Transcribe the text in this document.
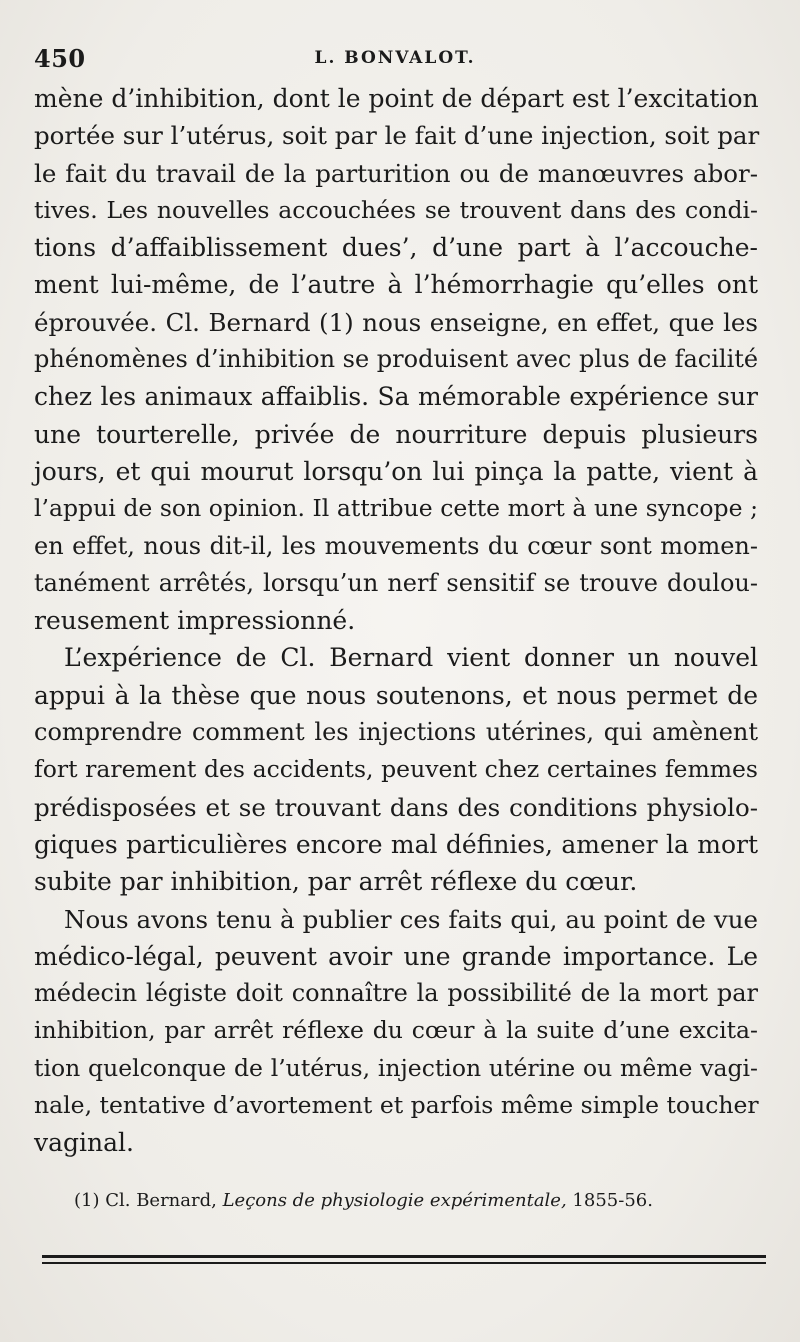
450	L. BONVALOT.
mène d’inhibition, dont le point de départ est l’excitation
portée sur l’utérus, soit par le fait d’une injection, soit par
le fait du travail de la parturition ou de manœuvres abor-
tives. Les nouvelles accouchées se trouvent dans des condi-
tions d’affaiblissement dues’, d’une part à l’accouche-
ment lui-même, de l’autre à l’hémorrhagie qu’elles ont
éprouvée. Cl. Bernard (1) nous enseigne, en effet, que les
phénomènes d’inhibition se produisent avec plus de facilité
chez les animaux affaiblis. Sa mémorable expérience sur
une tourterelle, privée de nourriture depuis plusieurs
jours, et qui mourut lorsqu’on lui pinça la patte, vient à
l’appui de son opinion. Il attribue cette mort à une syncope ;
en effet, nous dit-il, les mouvements du cœur sont momen-
tanément arrêtés, lorsqu’un nerf sensitif se trouve doulou-
reusement impressionné.
L’expérience de Cl. Bernard vient donner un nouvel
appui à la thèse que nous soutenons, et nous permet de
comprendre comment les injections utérines, qui amènent
fort rarement des accidents, peuvent chez certaines femmes
prédisposées et se trouvant dans des conditions physiolo-
giques particulières encore mal définies, amener la mort
subite par inhibition, par arrêt réflexe du cœur.
Nous avons tenu à publier ces faits qui, au point de vue
médico-légal, peuvent avoir une grande importance. Le
médecin légiste doit connaître la possibilité de la mort par
inhibition, par arrêt réflexe du cœur à la suite d’une excita-
tion quelconque de l’utérus, injection utérine ou même vagi-
nale, tentative d’avortement et parfois même simple toucher
vaginal.
(1) Cl. Bernard, Leçons de physiologie expérimentale, 1855-56.
